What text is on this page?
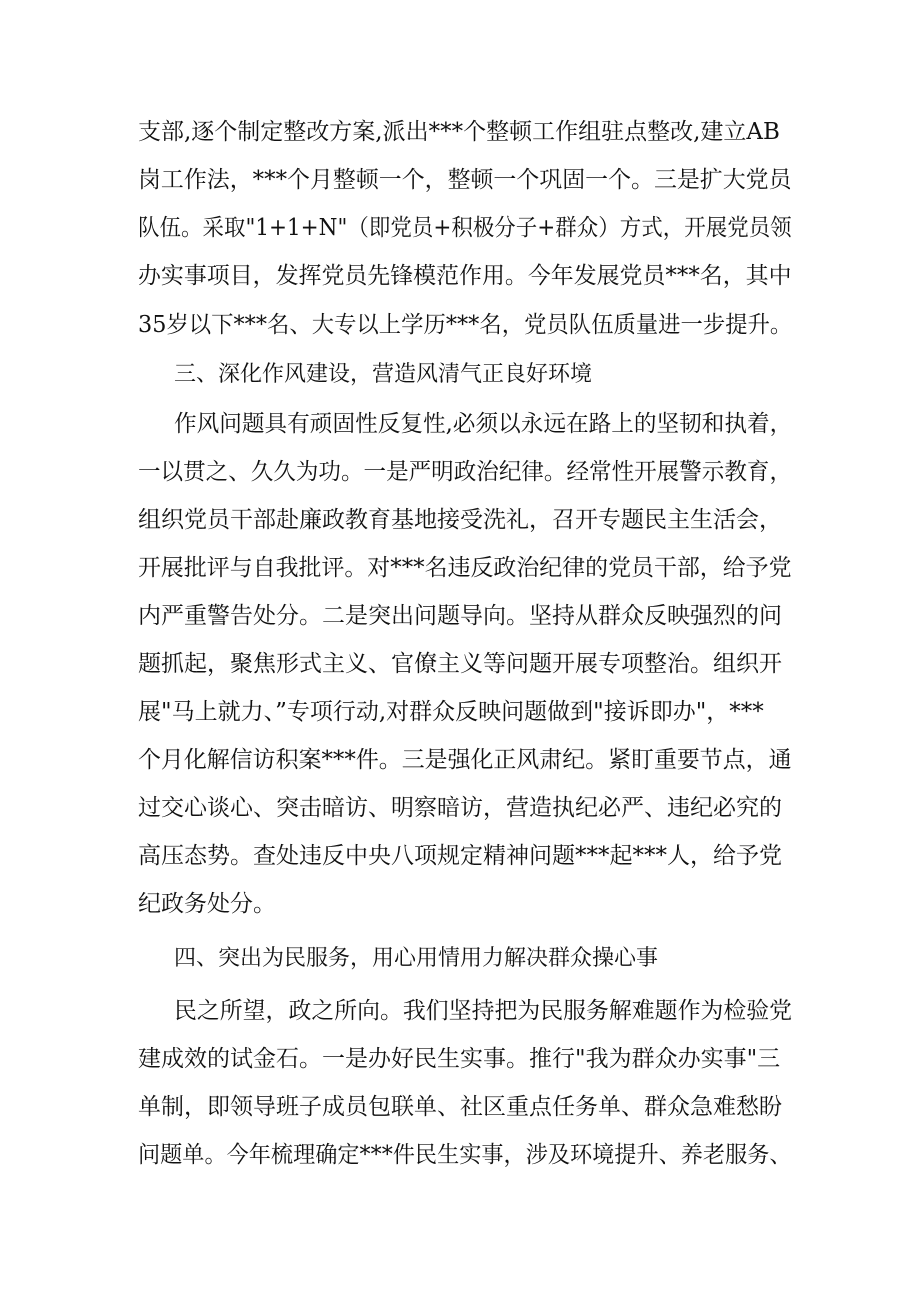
支部,逐个制定整改方案,派出***个整顿工作组驻点整改,建立AB
岗工作法，***个月整顿一个，整顿一个巩固一个。三是扩大党员
队伍。采取"1+1+N"（即党员+积极分子+群众）方式，开展党员领
办实事项目，发挥党员先锋模范作用。今年发展党员***名，其中
35岁以下***名、大专以上学历***名，党员队伍质量进一步提升。
三、深化作风建设，营造风清气正良好环境
作风问题具有顽固性反复性,必须以永远在路上的坚韧和执着，
一以贯之、久久为功。一是严明政治纪律。经常性开展警示教育，
组织党员干部赴廉政教育基地接受洗礼，召开专题民主生活会，
开展批评与自我批评。对***名违反政治纪律的党员干部，给予党
内严重警告处分。二是突出问题导向。坚持从群众反映强烈的问
题抓起，聚焦形式主义、官僚主义等问题开展专项整治。组织开
展"马上就力、”专项行动,对群众反映问题做到"接诉即办"，***
个月化解信访积案***件。三是强化正风肃纪。紧盯重要节点，通
过交心谈心、突击暗访、明察暗访，营造执纪必严、违纪必究的
高压态势。查处违反中央八项规定精神问题***起***人，给予党
纪政务处分。
四、突出为民服务，用心用情用力解决群众操心事
民之所望，政之所向。我们坚持把为民服务解难题作为检验党
建成效的试金石。一是办好民生实事。推行"我为群众办实事"三
单制，即领导班子成员包联单、社区重点任务单、群众急难愁盼
问题单。今年梳理确定***件民生实事，涉及环境提升、养老服务、
